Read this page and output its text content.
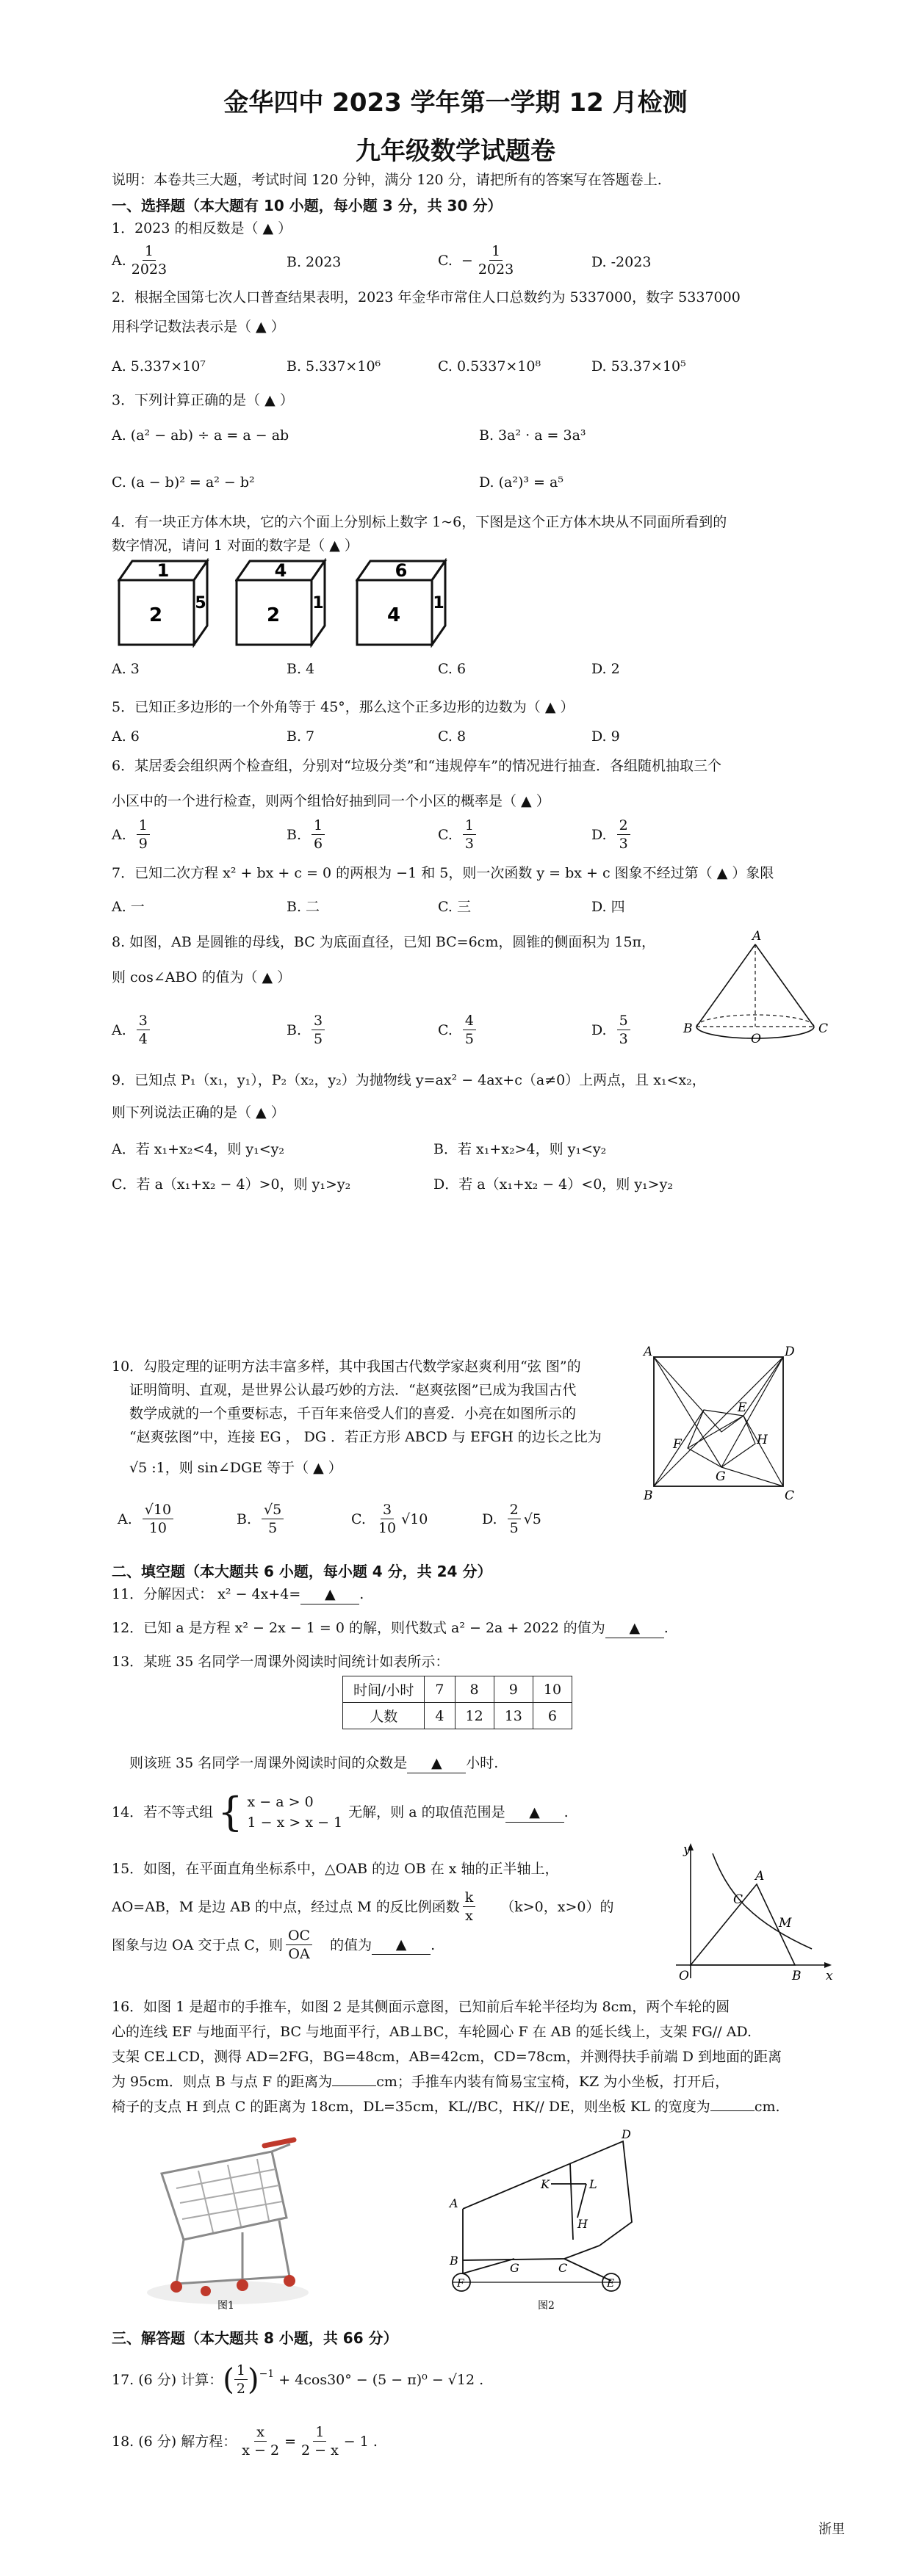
金华四中 2023 学年第一学期 12 月检测
九年级数学试题卷
说明：本卷共三大题，考试时间 120 分钟，满分 120 分，请把所有的答案写在答题卷上.
一、选择题（本大题有 10 小题，每小题 3 分，共 30 分）
1．2023 的相反数是（ ▲ ）
A. $\frac{1}{2023}$	B. 2023	C. − $\frac{1}{2023}$	D. -2023
2．根据全国第七次人口普查结果表明，2023 年金华市常住人口总数约为 5337000，数字 5337000
用科学记数法表示是（ ▲ ）
A. 5.337×10⁷	B. 5.337×10⁶	C. 0.5337×10⁸	D. 53.37×10⁵
3．下列计算正确的是（ ▲ ）
A. (a² − ab) ÷ a = a − ab	B. 3a² · a = 3a³
C. (a − b)² = a² − b²	D. (a²)³ = a⁵
4．有一块正方体木块，它的六个面上分别标上数字 1~6，下图是这个正方体木块从不同面所看到的
数字情况，请问 1 对面的数字是（ ▲ ）
1
2
5
4
2
1
6
4
1
A. 3	B. 4	C. 6	D. 2
5．已知正多边形的一个外角等于 45°，那么这个正多边形的边数为（ ▲ ）
A. 6	B. 7	C. 8	D. 9
6．某居委会组织两个检查组，分别对“垃圾分类”和“违规停车”的情况进行抽查．各组随机抽取三个
小区中的一个进行检查，则两个组恰好抽到同一个小区的概率是（ ▲ ）
A. $\frac{1}{9}$	B. $\frac{1}{6}$	C. $\frac{1}{3}$	D. $\frac{2}{3}$
7．已知二次方程 x² + bx + c = 0 的两根为 −1 和 5，则一次函数 y = bx + c 图象不经过第（ ▲ ）象限
A. 一	B. 二	C. 三	D. 四
8. 如图，AB 是圆锥的母线，BC 为底面直径，已知 BC=6cm，圆锥的侧面积为 15π，
则 cos∠ABO 的值为（ ▲ ）
A. $\frac{3}{4}$	B. $\frac{3}{5}$	C. $\frac{4}{5}$	D. $\frac{5}{3}$
A
B
O
C
9．已知点 P₁（x₁，y₁），P₂（x₂，y₂）为抛物线 y=ax² − 4ax+c（a≠0）上两点，且 x₁<x₂，
则下列说法正确的是（ ▲ ）
A．若 x₁+x₂<4，则 y₁<y₂	B．若 x₁+x₂>4，则 y₁<y₂
C．若 a（x₁+x₂ − 4）>0，则 y₁>y₂	D．若 a（x₁+x₂ − 4）<0，则 y₁>y₂
10．勾股定理的证明方法丰富多样，其中我国古代数学家赵爽利用“弦 图”的
证明简明、直观，是世界公认最巧妙的方法．“赵爽弦图”已成为我国古代
数学成就的一个重要标志，千百年来倍受人们的喜爱．小亮在如图所示的
“赵爽弦图”中，连接 EG ， DG ．若正方形 ABCD 与 EFGH 的边长之比为
√5 :1，则 sin∠DGE 等于（ ▲ ）
A. $\frac{√10}{10}$	B. $\frac{√5}{5}$	C. $\frac{3}{10} √10$	D. $\frac{2}{5} √5$
A	D
E
F	H
G
B	C
二、填空题（本大题共 6 小题，每小题 4 分，共 24 分）
11．分解因式： x² − 4x+4= ▲ .
12．已知 a 是方程 x² − 2x − 1 = 0 的解，则代数式 a² − 2a + 2022 的值为 ▲ .
13．某班 35 名同学一周课外阅读时间统计如表所示：
时间/小时	7	8	9	10
人数	4	12	13	6
则该班 35 名同学一周课外阅读时间的众数是 ▲ 小时.
14．若不等式组 { x − a > 0
1 − x > x − 1
无解，则 a 的取值范围是	▲	.
15．如图，在平面直角坐标系中，△OAB 的边 OB 在 x 轴的正半轴上，
AO=AB，M 是边 AB 的中点，经过点 M 的反比例函数 $\frac{k}{x} (k>0$，x>0）的
图象与边 OA 交于点 C，则 $\frac{OC}{OA}$ 的值为	▲	.
y
A
C
M
O	B x
16．如图 1 是超市的手推车，如图 2 是其侧面示意图，已知前后车轮半径均为 8cm，两个车轮的圆
心的连线 EF 与地面平行，BC 与地面平行，AB⊥BC，车轮圆心 F 在 AB 的延长线上，支架 FG// AD.
支架 CE⊥CD，测得 AD=2FG，BG=48cm，AB=42cm，CD=78cm，并测得扶手前端 D 到地面的距离
为 95cm．则点 B 与点 F 的距离为	cm；手推车内装有简易宝宝椅，KZ 为小坐板，打开后，
椅子的支点 H 到点 C 的距离为 18cm，DL=35cm，KL//BC，HK// DE，则坐板 KL 的宽度为	cm.
图1
D
A
K	L
H
B
G	C
F	E
图2
三、解答题（本大题共 8 小题，共 66 分）
17. (6 分) 计算： ( $\frac{1}{2} )^{-1} + 4\cos 30^\circ - (5 - \pi)^0 - √12$ .
18. (6 分) 解方程： $\frac{x}{x - 2} = \frac{1}{2 - x} - 1$ .
浙里
